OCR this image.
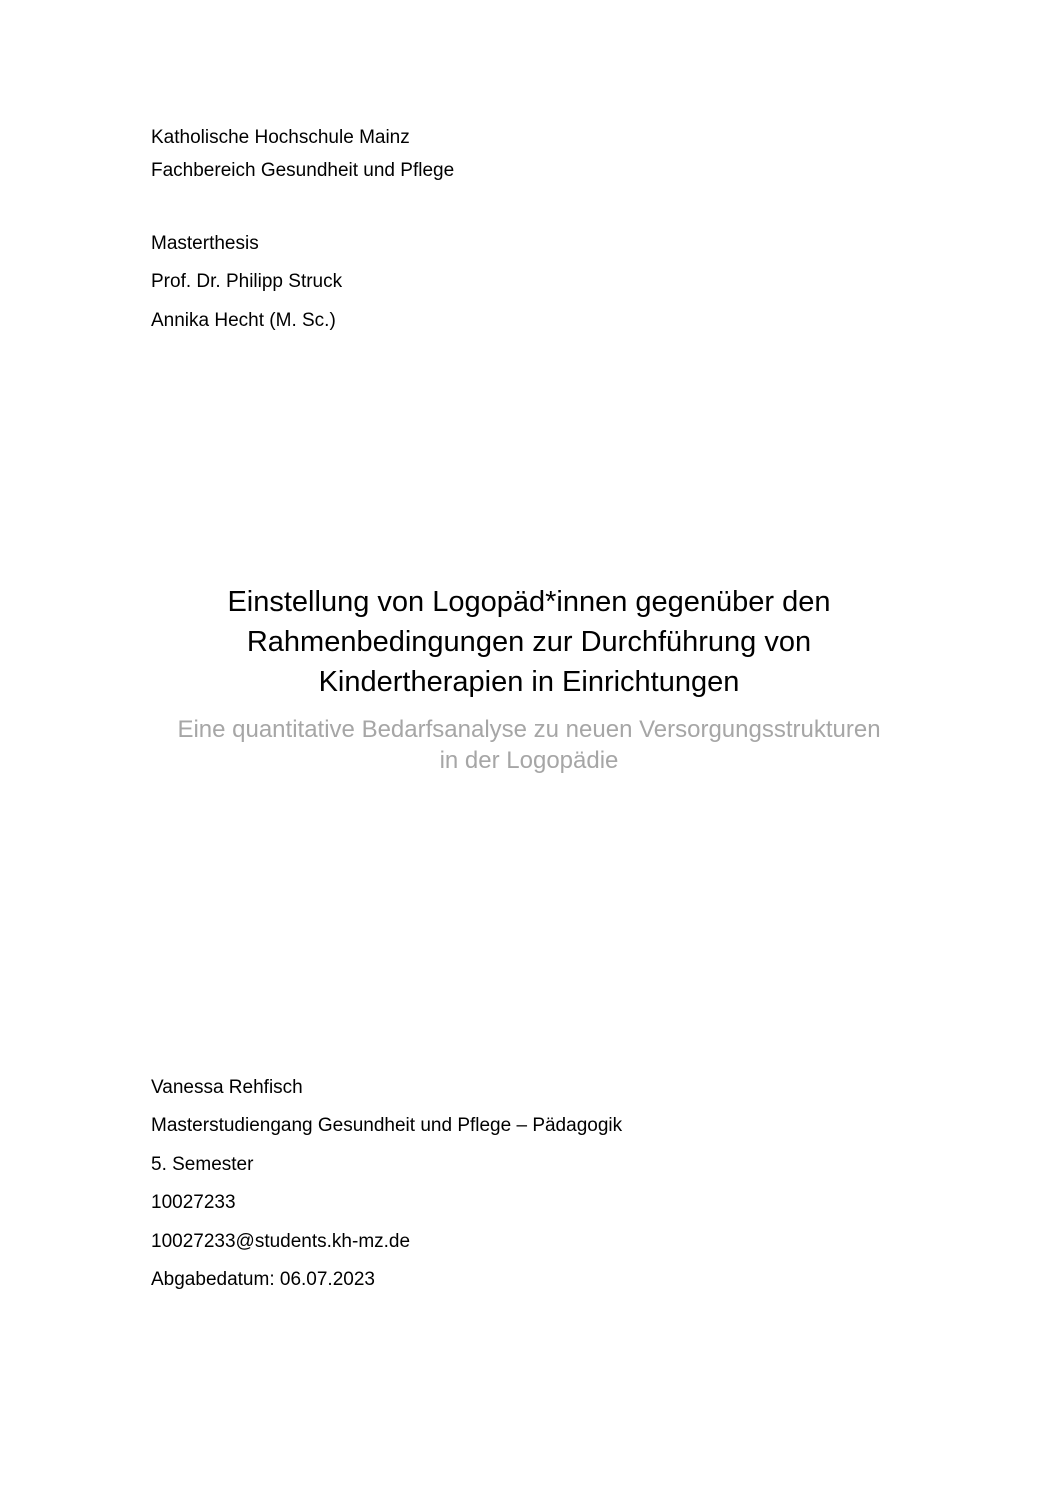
Katholische Hochschule Mainz
Fachbereich Gesundheit und Pflege
Masterthesis
Prof. Dr. Philipp Struck
Annika Hecht (M. Sc.)
Einstellung von Logopäd*innen gegenüber den
Rahmenbedingungen zur Durchführung von
Kindertherapien in Einrichtungen
Eine quantitative Bedarfsanalyse zu neuen Versorgungsstrukturen
in der Logopädie
Vanessa Rehfisch
Masterstudiengang Gesundheit und Pflege – Pädagogik
5. Semester
10027233
10027233@students.kh-mz.de
Abgabedatum: 06.07.2023
